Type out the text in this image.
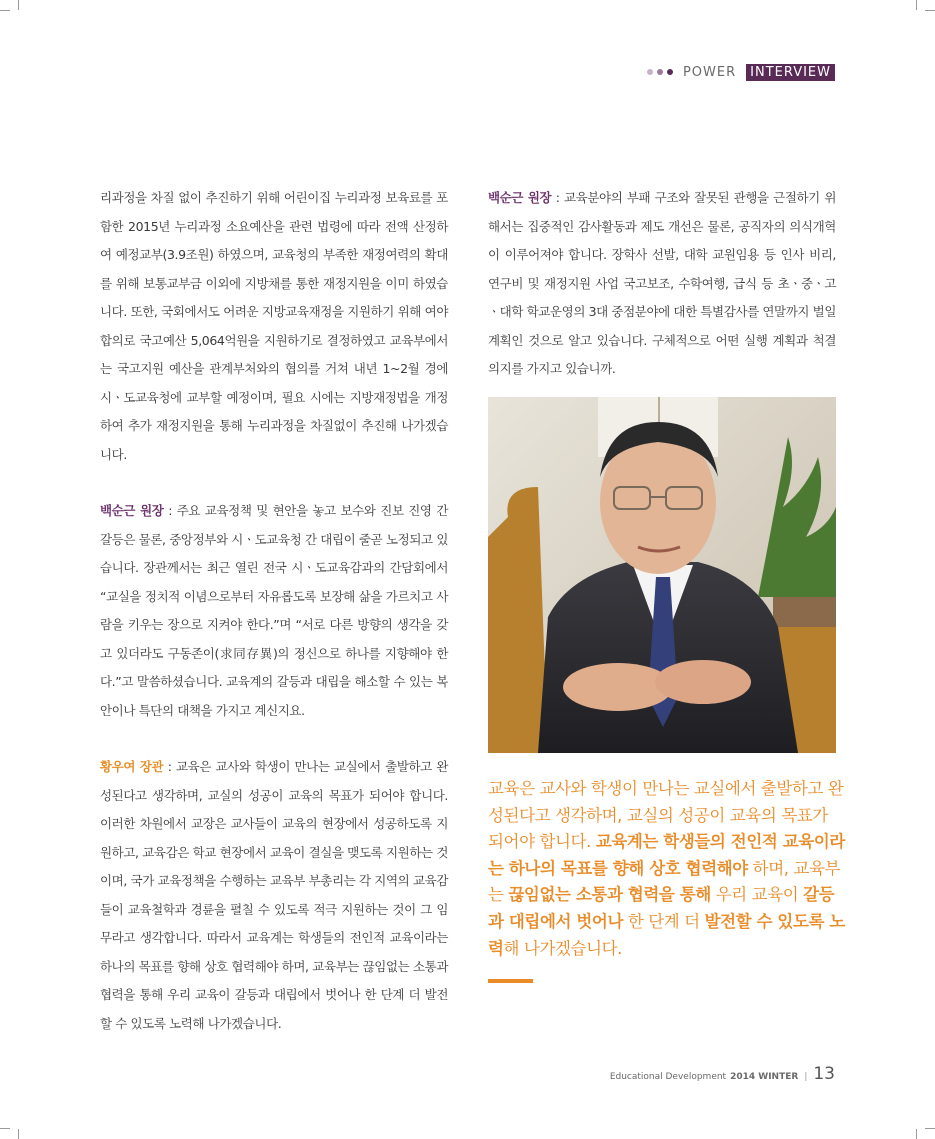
POWER	INTERVIEW

리과정을 차질 없이 추진하기 위해 어린이집 누리과정 보육료를 포함한 2015년 누리과정 소요예산을 관련 법령에 따라 전액 산정하여 예정교부(3.9조원) 하였으며, 교육청의 부족한 재정여력의 확대를 위해 보통교부금 이외에 지방채를 통한 재정지원을 이미 하였습니다. 또한, 국회에서도 어려운 지방교육재정을 지원하기 위해 여야 합의로 국고예산 5,064억원을 지원하기로 결정하였고 교육부에서는 국고지원 예산을 관계부처와의 협의를 거쳐 내년 1~2월 경에 시ㆍ도교육청에 교부할 예정이며, 필요 시에는 지방재정법을 개정하여 추가 재정지원을 통해 누리과정을 차질없이 추진해 나가겠습니다.

백순근 원장 : 주요 교육정책 및 현안을 놓고 보수와 진보 진영 간 갈등은 물론, 중앙정부와 시ㆍ도교육청 간 대립이 줄곧 노정되고 있습니다. 장관께서는 최근 열린 전국 시ㆍ도교육감과의 간담회에서 “교실을 정치적 이념으로부터 자유롭도록 보장해 삶을 가르치고 사람을 키우는 장으로 지켜야 한다.”며 “서로 다른 방향의 생각을 갖고 있더라도 구동존이(求同存異)의 정신으로 하나를 지향해야 한다.”고 말씀하셨습니다. 교육계의 갈등과 대립을 해소할 수 있는 복안이나 특단의 대책을 가지고 계신지요.

황우여 장관 : 교육은 교사와 학생이 만나는 교실에서 출발하고 완성된다고 생각하며, 교실의 성공이 교육의 목표가 되어야 합니다. 이러한 차원에서 교장은 교사들이 교육의 현장에서 성공하도록 지원하고, 교육감은 학교 현장에서 교육이 결실을 맺도록 지원하는 것이며, 국가 교육정책을 수행하는 교육부 부총리는 각 지역의 교육감들이 교육철학과 경륜을 펼칠 수 있도록 적극 지원하는 것이 그 임무라고 생각합니다. 따라서 교육계는 학생들의 전인적 교육이라는 하나의 목표를 향해 상호 협력해야 하며, 교육부는 끊임없는 소통과 협력을 통해 우리 교육이 갈등과 대립에서 벗어나 한 단계 더 발전할 수 있도록 노력해 나가겠습니다.

백순근 원장 : 교육분야의 부패 구조와 잘못된 관행을 근절하기 위해서는 집중적인 감사활동과 제도 개선은 물론, 공직자의 의식개혁이 이루어져야 합니다. 장학사 선발, 대학 교원임용 등 인사 비리, 연구비 및 재정지원 사업 국고보조, 수학여행, 급식 등 초ㆍ중ㆍ고ㆍ대학 학교운영의 3대 중점분야에 대한 특별감사를 연말까지 벌일 계획인 것으로 알고 있습니다. 구체적으로 어떤 실행 계획과 척결 의지를 가지고 있습니까.

교육은 교사와 학생이 만나는 교실에서 출발하고 완성된다고 생각하며, 교실의 성공이 교육의 목표가 되어야 합니다. 교육계는 학생들의 전인적 교육이라는 하나의 목표를 향해 상호 협력해야 하며, 교육부는 끊임없는 소통과 협력을 통해 우리 교육이 갈등과 대립에서 벗어나 한 단계 더 발전할 수 있도록 노력해 나가겠습니다.
Educational Development 2014 WINTER | 13
